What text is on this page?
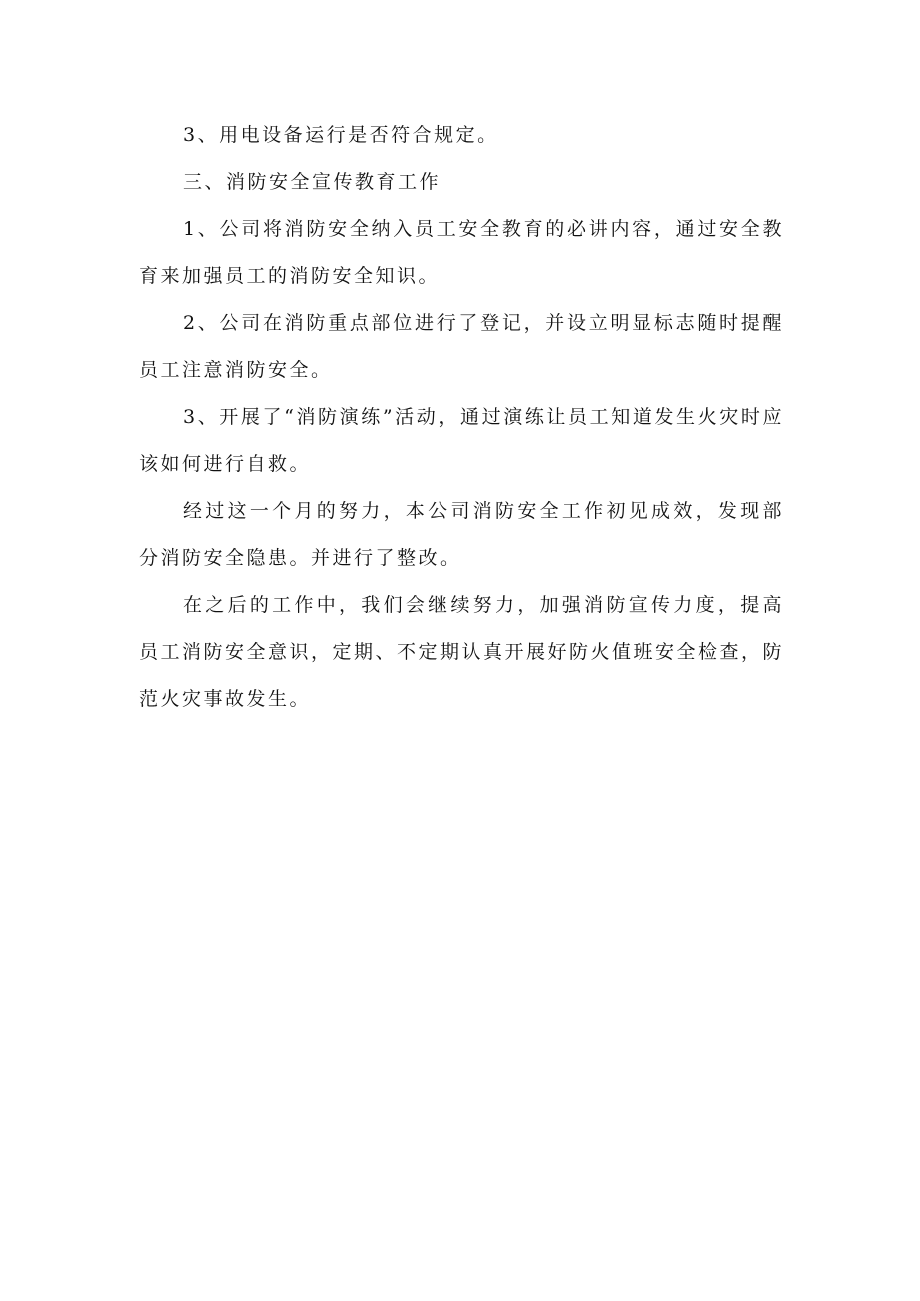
3、用电设备运行是否符合规定。

三、消防安全宣传教育工作

1、公司将消防安全纳入员工安全教育的必讲内容，通过安全教育来加强员工的消防安全知识。

2、公司在消防重点部位进行了登记，并设立明显标志随时提醒员工注意消防安全。

3、开展了“消防演练”活动，通过演练让员工知道发生火灾时应该如何进行自救。

经过这一个月的努力，本公司消防安全工作初见成效，发现部分消防安全隐患。并进行了整改。

在之后的工作中，我们会继续努力，加强消防宣传力度，提高员工消防安全意识，定期、不定期认真开展好防火值班安全检查，防范火灾事故发生。
